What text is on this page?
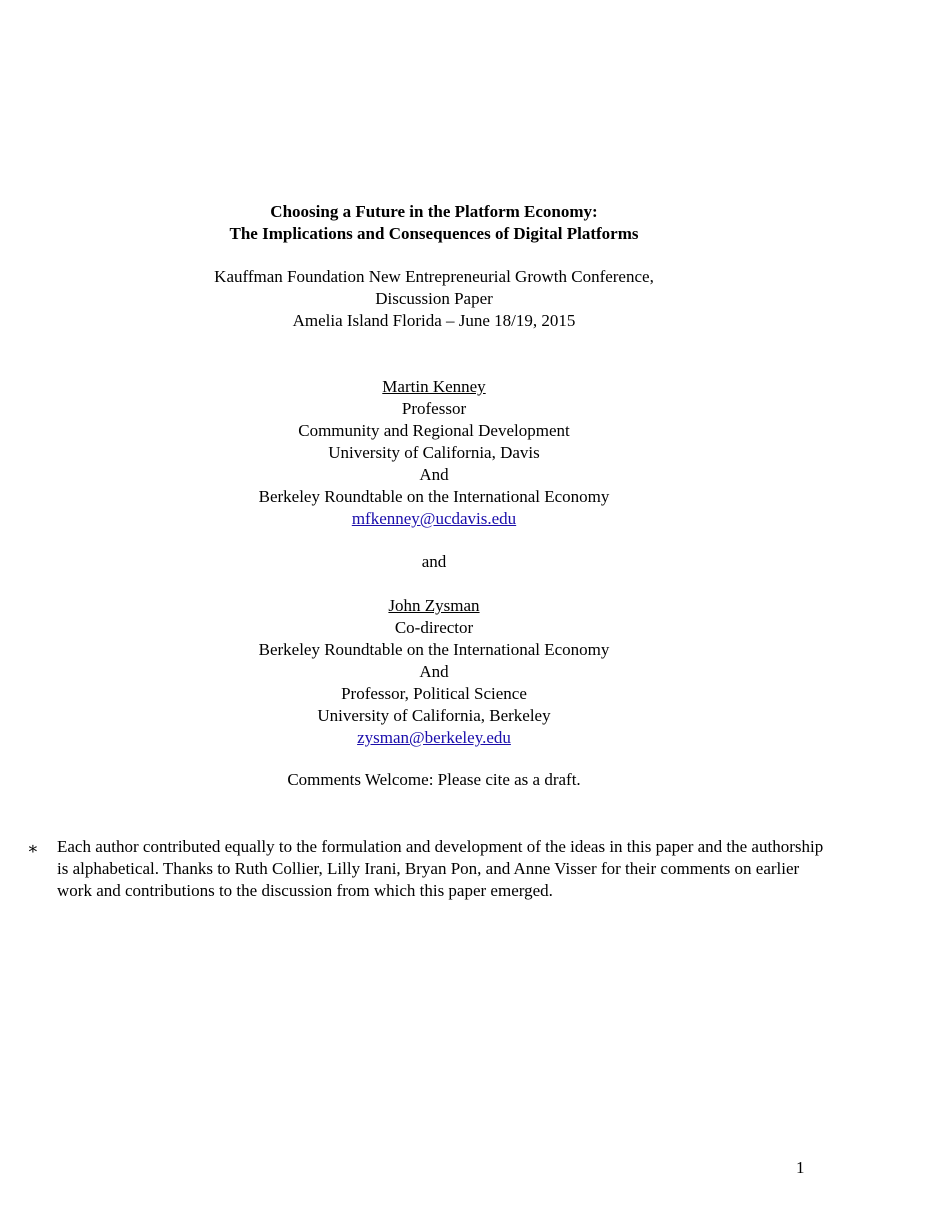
Choosing a Future in the Platform Economy:
The Implications and Consequences of Digital Platforms
Kauffman Foundation New Entrepreneurial Growth Conference,
Discussion Paper
Amelia Island Florida – June 18/19, 2015
Martin Kenney
Professor
Community and Regional Development
University of California, Davis
And
Berkeley Roundtable on the International Economy
mfkenney@ucdavis.edu
and
John Zysman
Co-director
Berkeley Roundtable on the International Economy
And
Professor, Political Science
University of California, Berkeley
zysman@berkeley.edu
Comments Welcome: Please cite as a draft.
∗ Each author contributed equally to the formulation and development of the ideas in this paper and the authorship is alphabetical. Thanks to Ruth Collier, Lilly Irani, Bryan Pon, and Anne Visser for their comments on earlier work and contributions to the discussion from which this paper emerged.
1
